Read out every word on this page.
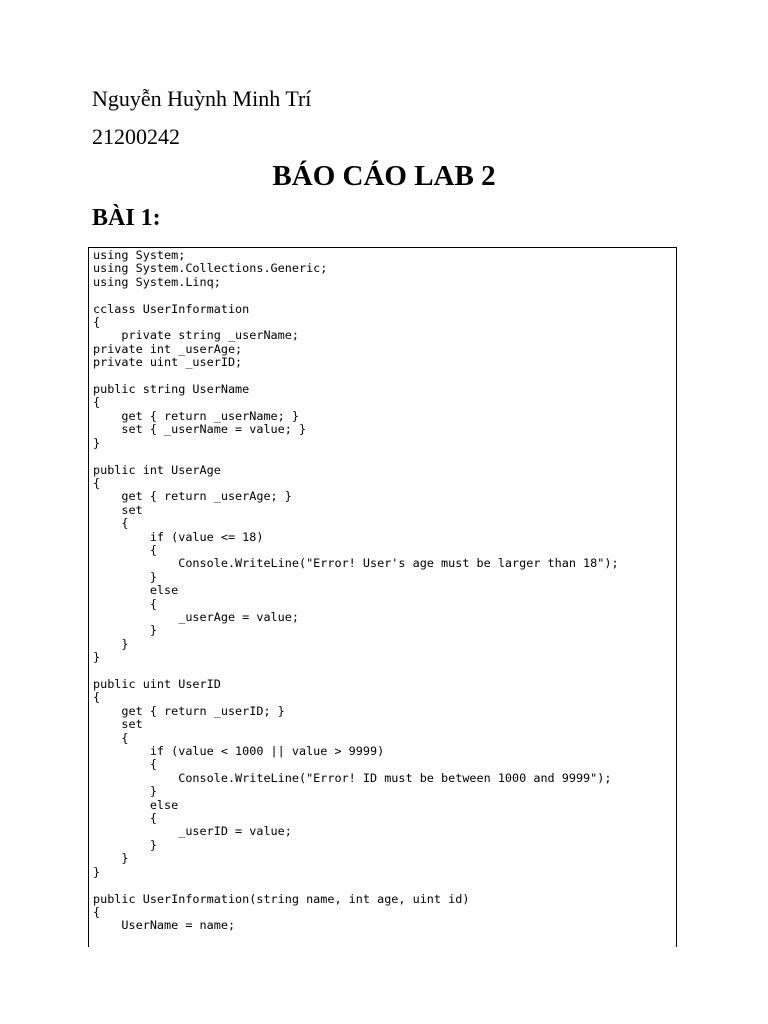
Nguyễn Huỳnh Minh Trí
21200242
BÁO CÁO LAB 2
BÀI 1:
using System;
using System.Collections.Generic;
using System.Linq;

cclass UserInformation
{
private string _userName;
private int _userAge;
private uint _userID;

public string UserName
{
get { return _userName; }
set { _userName = value; }
}

public int UserAge
{
get { return _userAge; }
set
{
if (value <= 18)
{
Console.WriteLine("Error! User's age must be larger than 18");
}
else
{
_userAge = value;
}
}
}

public uint UserID
{
get { return _userID; }
set
{
if (value < 1000 || value > 9999)
{
Console.WriteLine("Error! ID must be between 1000 and 9999");
}
else
{
_userID = value;
}
}
}

public UserInformation(string name, int age, uint id)
{
UserName = name;
